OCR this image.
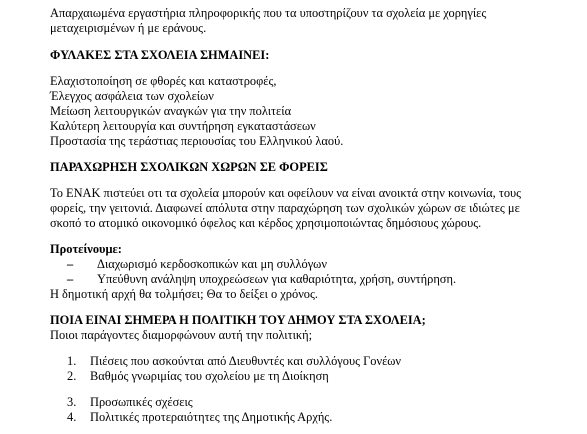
Απαρχαιωμένα εργαστήρια πληροφορικής που τα υποστηρίζουν τα σχολεία με χορηγίες
μεταχειρισμένων ή με εράνους.
ΦΥΛΑΚΕΣ ΣΤΑ ΣΧΟΛΕΙΑ ΣΗΜΑΙΝΕΙ:
Ελαχιστοποίηση σε φθορές και καταστροφές,
Έλεγχος ασφάλεια των σχολείων
Μείωση λειτουργικών αναγκών για την πολιτεία
Καλύτερη λειτουργία και συντήρηση εγκαταστάσεων
Προστασία της τεράστιας περιουσίας του Ελληνικού λαού.
ΠΑΡΑΧΩΡΗΣΗ ΣΧΟΛΙΚΩΝ ΧΩΡΩΝ ΣΕ ΦΟΡΕΙΣ
Το ΕΝΑΚ πιστεύει οτι τα σχολεία μπορούν και οφείλουν να είναι ανοικτά στην κοινωνία, τους
φορείς, την γειτονιά. Διαφωνεί απόλυτα στην παραχώρηση των σχολικών χώρων σε ιδιώτες με
σκοπό το ατομικό οικονομικό όφελος και κέρδος χρησιμοποιώντας δημόσιους χώρους.
Προτείνουμε:
– Διαχωρισμό κερδοσκοπικών και μη συλλόγων
– Υπεύθυνη ανάληψη υποχρεώσεων για καθαριότητα, χρήση, συντήρηση.
Η δημοτική αρχή θα τολμήσει; Θα το δείξει ο χρόνος.
ΠΟΙΑ ΕΙΝΑΙ ΣΗΜΕΡΑ Η ΠΟΛΙΤΙΚΗ ΤΟΥ ΔΗΜΟΥ ΣΤΑ ΣΧΟΛΕΙΑ;
Ποιοι παράγοντες διαμορφώνουν αυτή την πολιτική;
1. Πιέσεις που ασκούνται από Διευθυντές και συλλόγους Γονέων
2. Βαθμός γνωριμίας του σχολείου με τη Διοίκηση
3. Προσωπικές σχέσεις
4. Πολιτικές προτεραιότητες της Δημοτικής Αρχής.
